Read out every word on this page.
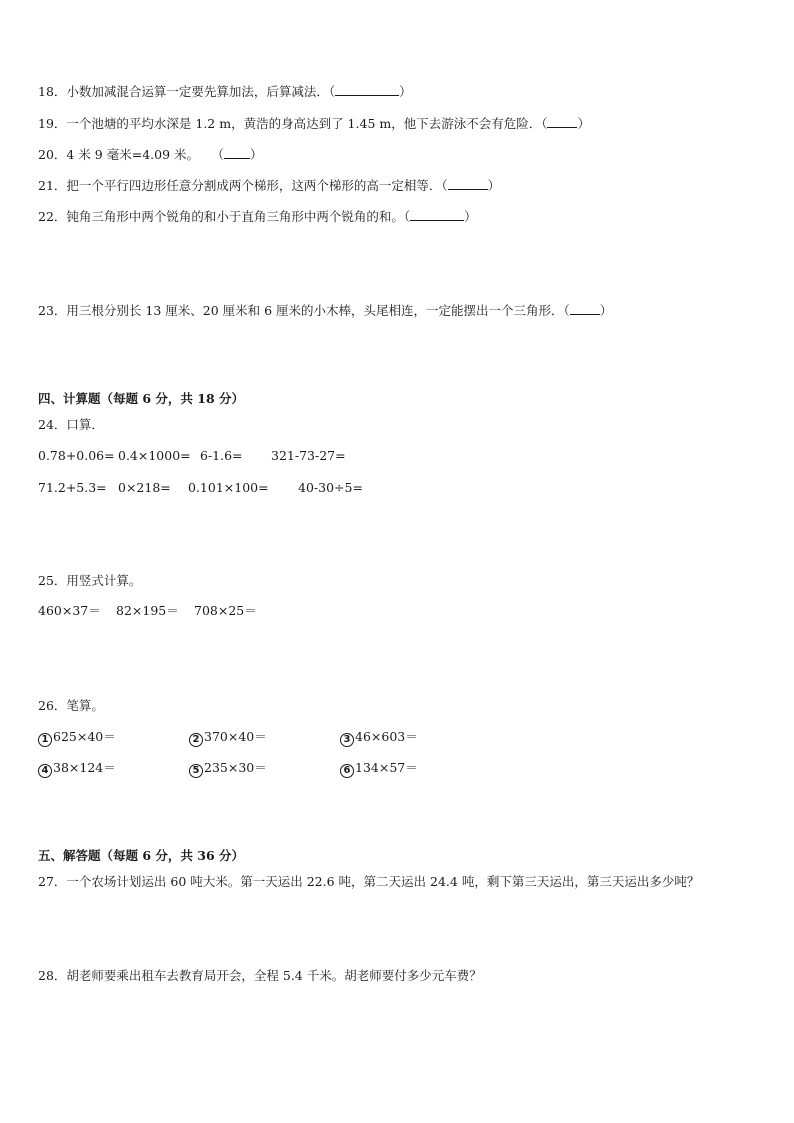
18．小数加减混合运算一定要先算加法，后算减法．（	）
19．一个池塘的平均水深是 1.2 m，黄浩的身高达到了 1.45 m，他下去游泳不会有危险．（ ）
20．4 米 9 毫米=4.09 米。　　（ ）
21．把一个平行四边形任意分割成两个梯形，这两个梯形的高一定相等．（	）
22．钝角三角形中两个锐角的和小于直角三角形中两个锐角的和。（	）
23．用三根分别长 13 厘米、20 厘米和 6 厘米的小木棒，头尾相连，一定能摆出一个三角形．（ ）
四、计算题（每题 6 分，共 18 分）
24．口算．
0.78+0.06= 0.4×1000= 6-1.6= 321-73-27=
71.2+5.3= 0×218= 0.101×100= 40-30÷5=
25．用竖式计算。
460×37＝ 82×195＝ 708×25＝
26．笔算。
1 625×40＝	2 370×40＝	3 46×603＝
4 38×124＝	5 235×30＝	6 134×57＝
五、解答题（每题 6 分，共 36 分）
27．一个农场计划运出 60 吨大米。第一天运出 22.6 吨，第二天运出 24.4 吨，剩下第三天运出，第三天运出多少吨？
28．胡老师要乘出租车去教育局开会，全程 5.4 千米。胡老师要付多少元车费？
